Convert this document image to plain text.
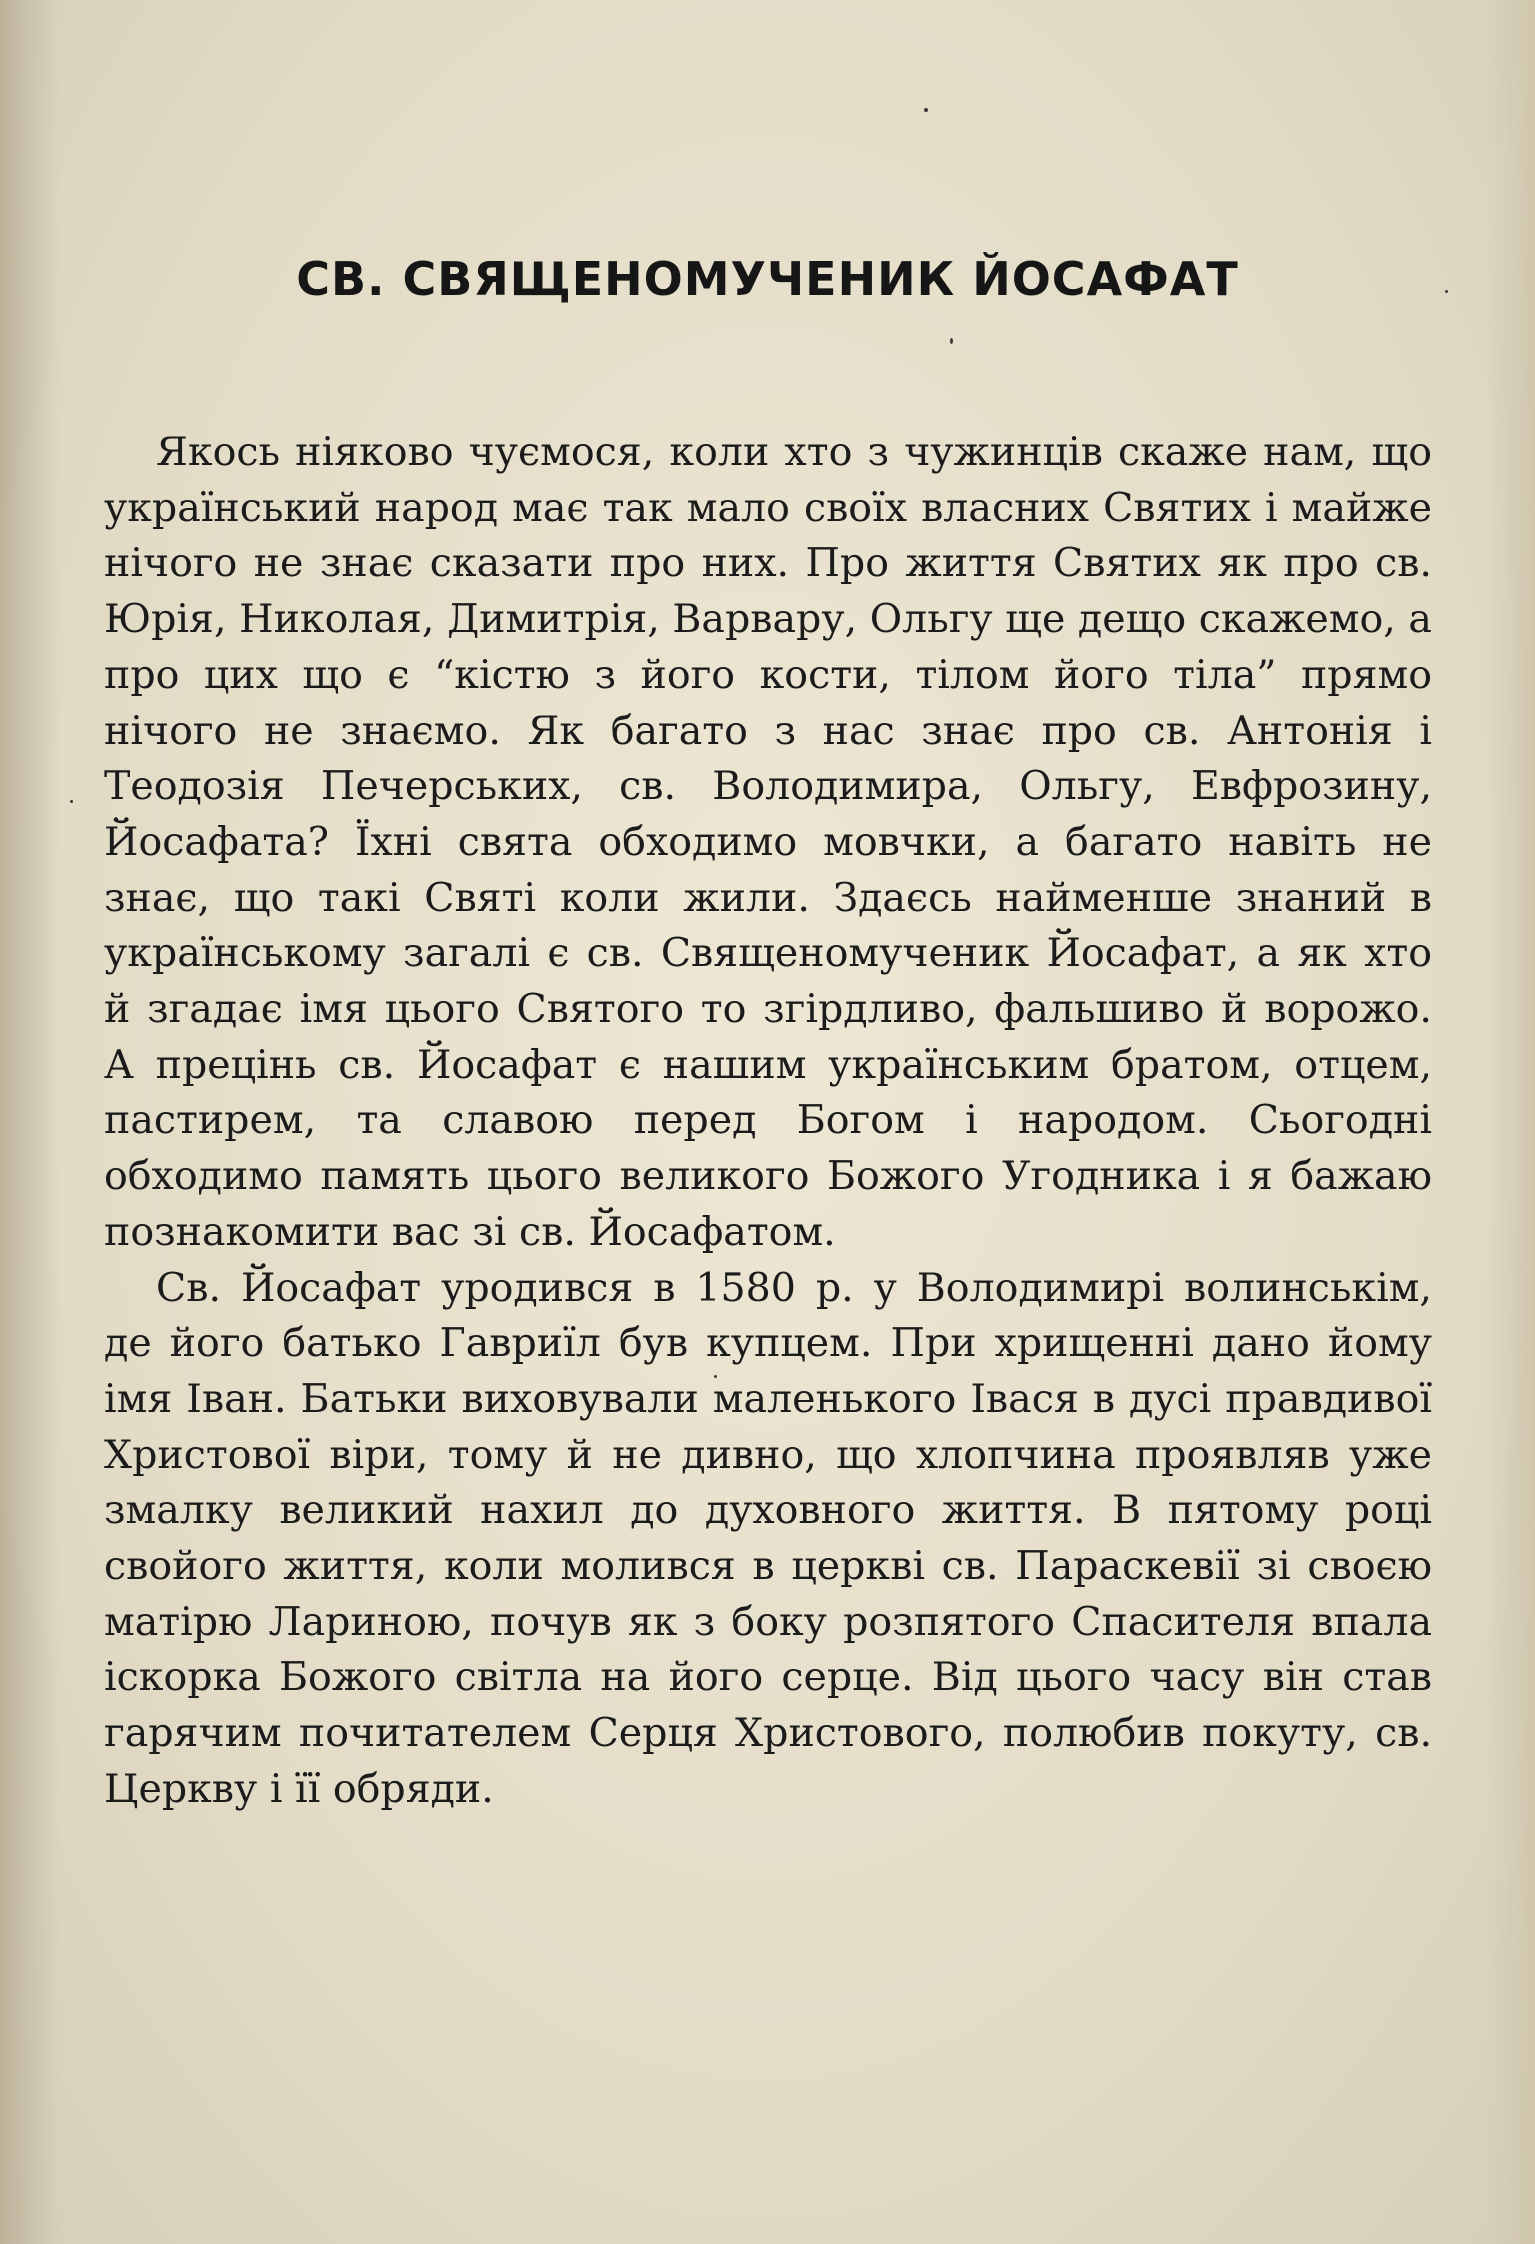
СВ. СВЯЩЕНОМУЧЕНИК ЙОСАФАТ

Якось ніяково чуємося, коли хто з чужинців скаже нам, що український народ має так мало своїх власних Святих і майже нічого не знає сказати про них. Про життя Святих як про св. Юрія, Николая, Димитрія, Варвару, Ольгу ще дещо скажемо, а про цих що є “кістю з його кости, тілом його тіла” прямо нічого не знаємо. Як багато з нас знає про св. Антонія і Теодозія Печерських, св. Володимира, Ольгу, Евфрозину, Йосафата? Їхні свята обходимо мовчки, а багато навіть не знає, що такі Святі коли жили. Здаєсь найменше знаний в українському загалі є св. Священомученик Йосафат, а як хто й згадає імя цього Святого то згірдливо, фальшиво й ворожо. А прецінь св. Йосафат є нашим українським братом, отцем, пастирем, та славою перед Богом і народом. Сьогодні обходимо память цього великого Божого Угодника і я бажаю познакомити вас зі св. Йосафатом.

Св. Йосафат уродився в 1580 р. у Володимирі волинськім, де його батько Гавриїл був купцем. При хрищенні дано йому імя Іван. Батьки виховували маленького Івася в дусі правдивої Христової віри, тому й не дивно, що хлопчина проявляв уже змалку великий нахил до духовного життя. В пятому році свойого життя, коли молився в церкві св. Параскевії зі своєю матірю Лариною, почув як з боку розпятого Спасителя впала іскорка Божого світла на його серце. Від цього часу він став гарячим почитателем Серця Христового, полюбив покуту, св. Церкву і її обряди.
